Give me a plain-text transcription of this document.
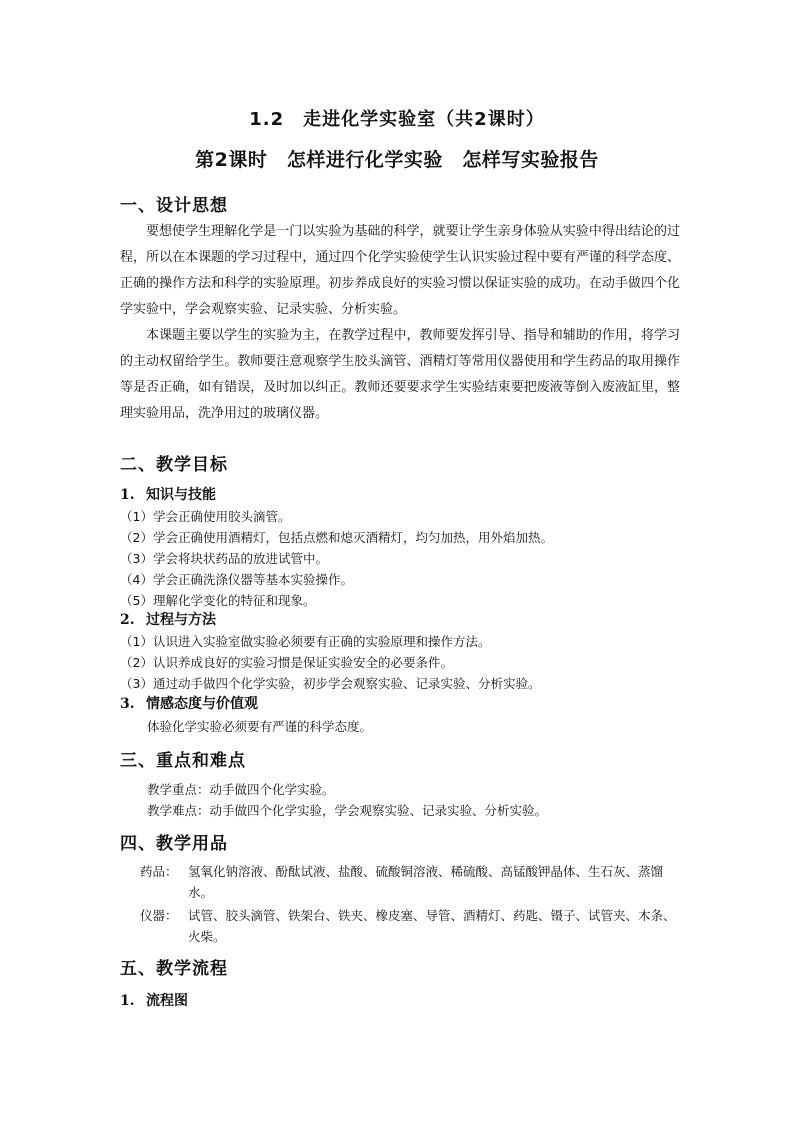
1.2　走进化学实验室（共2课时）
第2课时　怎样进行化学实验　怎样写实验报告
一、设计思想

要想使学生理解化学是一门以实验为基础的科学，就要让学生亲身体验从实验中得出结论的过程，所以在本课题的学习过程中，通过四个化学实验使学生认识实验过程中要有严谨的科学态度、正确的操作方法和科学的实验原理。初步养成良好的实验习惯以保证实验的成功。在动手做四个化学实验中，学会观察实验、记录实验、分析实验。

本课题主要以学生的实验为主，在教学过程中，教师要发挥引导、指导和辅助的作用，将学习的主动权留给学生。教师要注意观察学生胶头滴管、酒精灯等常用仪器使用和学生药品的取用操作等是否正确，如有错误，及时加以纠正。教师还要要求学生实验结束要把废液等倒入废液缸里，整理实验用品，洗净用过的玻璃仪器。

二、教学目标
1. 知识与技能
（1）学会正确使用胶头滴管。
（2）学会正确使用酒精灯，包括点燃和熄灭酒精灯，均匀加热，用外焰加热。
（3）学会将块状药品的放进试管中。
（4）学会正确洗涤仪器等基本实验操作。
（5）理解化学变化的特征和现象。
2. 过程与方法
（1）认识进入实验室做实验必须要有正确的实验原理和操作方法。
（2）认识养成良好的实验习惯是保证实验安全的必要条件。
（3）通过动手做四个化学实验，初步学会观察实验、记录实验、分析实验。
3. 情感态度与价值观
体验化学实验必须要有严谨的科学态度。
三、重点和难点
教学重点：动手做四个化学实验。
教学难点：动手做四个化学实验，学会观察实验、记录实验、分析实验。
四、教学用品
药品： 氢氧化钠溶液、酚酞试液、盐酸、硫酸铜溶液、稀硫酸、高锰酸钾晶体、生石灰、蒸馏水。
仪器： 试管、胶头滴管、铁架台、铁夹、橡皮塞、导管、酒精灯、药匙、镊子、试管夹、木条、火柴。
五、教学流程
1. 流程图
